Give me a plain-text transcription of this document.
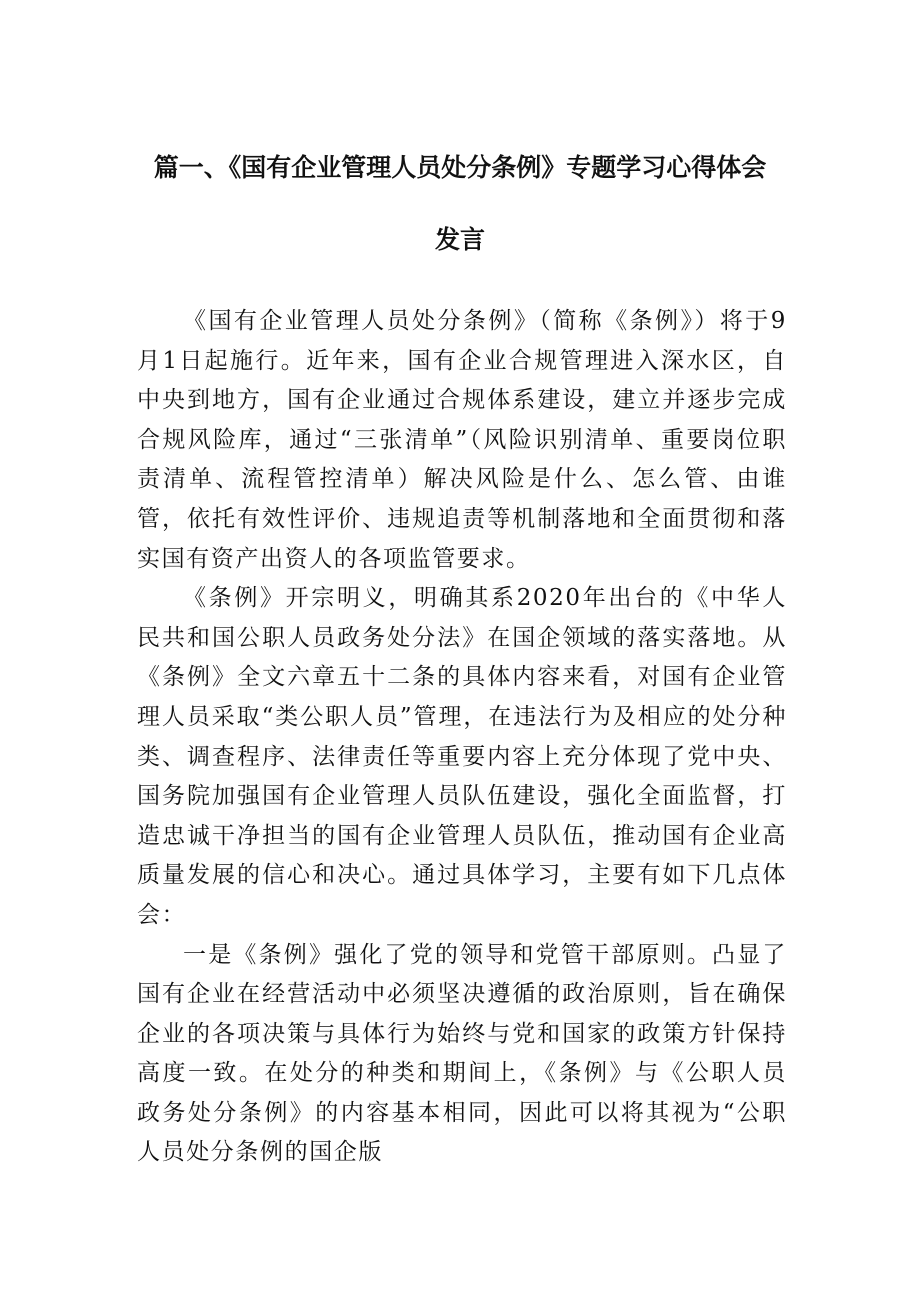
篇一、《国有企业管理人员处分条例》专题学习心得体会
发言

《国有企业管理人员处分条例》（简称《条例》）将于9月1日起施行。近年来，国有企业合规管理进入深水区，自中央到地方，国有企业通过合规体系建设，建立并逐步完成合规风险库，通过“三张清单”（风险识别清单、重要岗位职责清单、流程管控清单）解决风险是什么、怎么管、由谁管，依托有效性评价、违规追责等机制落地和全面贯彻和落实国有资产出资人的各项监管要求。

《条例》开宗明义，明确其系2020年出台的《中华人民共和国公职人员政务处分法》在国企领域的落实落地。从《条例》全文六章五十二条的具体内容来看，对国有企业管理人员采取“类公职人员”管理，在违法行为及相应的处分种类、调查程序、法律责任等重要内容上充分体现了党中央、国务院加强国有企业管理人员队伍建设，强化全面监督，打造忠诚干净担当的国有企业管理人员队伍，推动国有企业高质量发展的信心和决心。通过具体学习，主要有如下几点体会：

一是《条例》强化了党的领导和党管干部原则。凸显了国有企业在经营活动中必须坚决遵循的政治原则，旨在确保企业的各项决策与具体行为始终与党和国家的政策方针保持高度一致。在处分的种类和期间上，《条例》与《公职人员政务处分条例》的内容基本相同，因此可以将其视为“公职人员处分条例的国企版
